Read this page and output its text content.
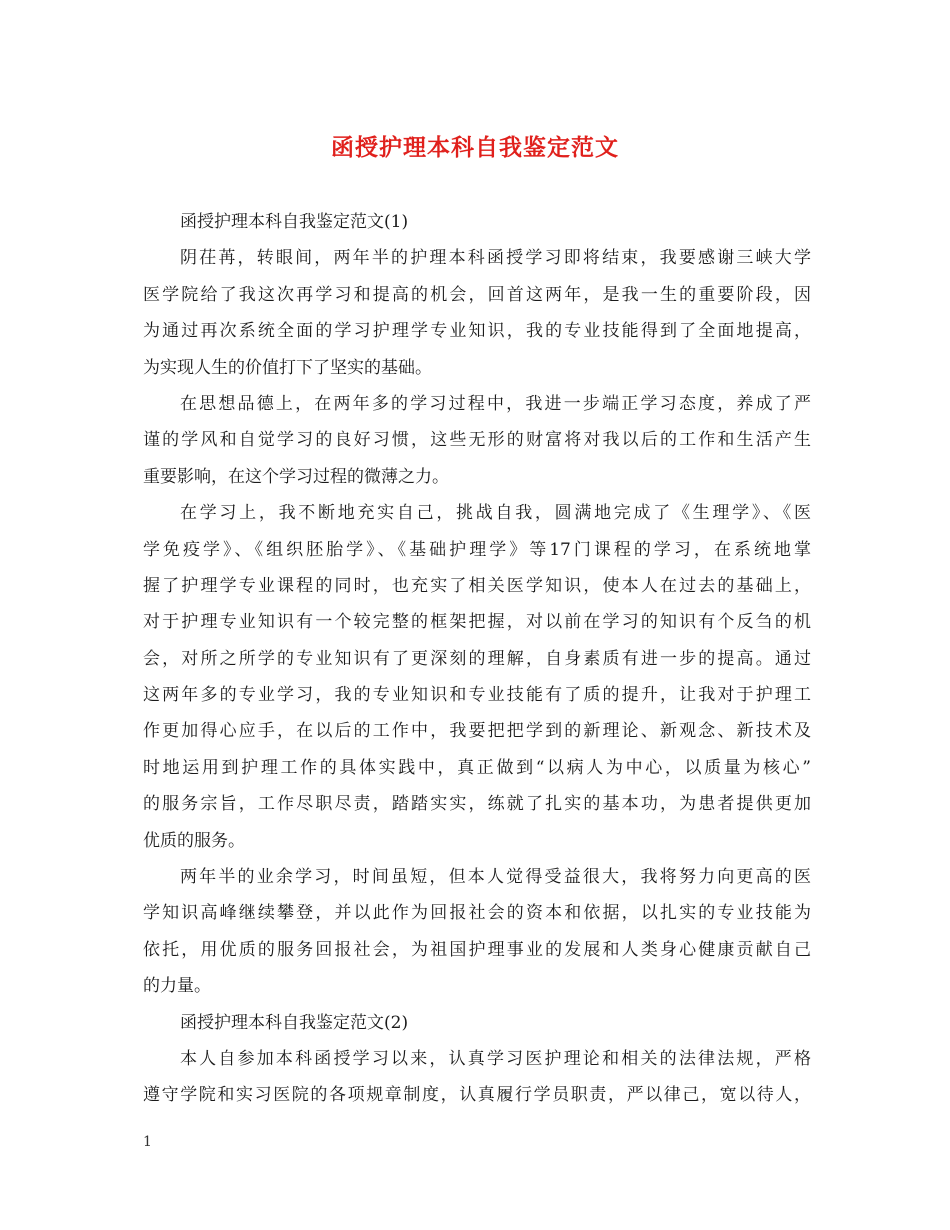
函授护理本科自我鉴定范文
函授护理本科自我鉴定范文(1)
阴茌苒，转眼间，两年半的护理本科函授学习即将结束，我要感谢三峡大学
医学院给了我这次再学习和提高的机会，回首这两年，是我一生的重要阶段，因
为通过再次系统全面的学习护理学专业知识，我的专业技能得到了全面地提高，
为实现人生的价值打下了坚实的基础。
在思想品德上，在两年多的学习过程中，我进一步端正学习态度，养成了严
谨的学风和自觉学习的良好习惯，这些无形的财富将对我以后的工作和生活产生
重要影响，在这个学习过程的微薄之力。
在学习上，我不断地充实自己，挑战自我，圆满地完成了《生理学》、《医
学免疫学》、《组织胚胎学》、《基础护理学》等17门课程的学习，在系统地掌
握了护理学专业课程的同时，也充实了相关医学知识，使本人在过去的基础上，
对于护理专业知识有一个较完整的框架把握，对以前在学习的知识有个反刍的机
会，对所之所学的专业知识有了更深刻的理解，自身素质有进一步的提高。通过
这两年多的专业学习，我的专业知识和专业技能有了质的提升，让我对于护理工
作更加得心应手，在以后的工作中，我要把把学到的新理论、新观念、新技术及
时地运用到护理工作的具体实践中，真正做到“以病人为中心，以质量为核心”
的服务宗旨，工作尽职尽责，踏踏实实，练就了扎实的基本功，为患者提供更加
优质的服务。
两年半的业余学习，时间虽短，但本人觉得受益很大，我将努力向更高的医
学知识高峰继续攀登，并以此作为回报社会的资本和依据，以扎实的专业技能为
依托，用优质的服务回报社会，为祖国护理事业的发展和人类身心健康贡献自己
的力量。
函授护理本科自我鉴定范文(2)
本人自参加本科函授学习以来，认真学习医护理论和相关的法律法规，严格
遵守学院和实习医院的各项规章制度，认真履行学员职责，严以律己，宽以待人，
1
